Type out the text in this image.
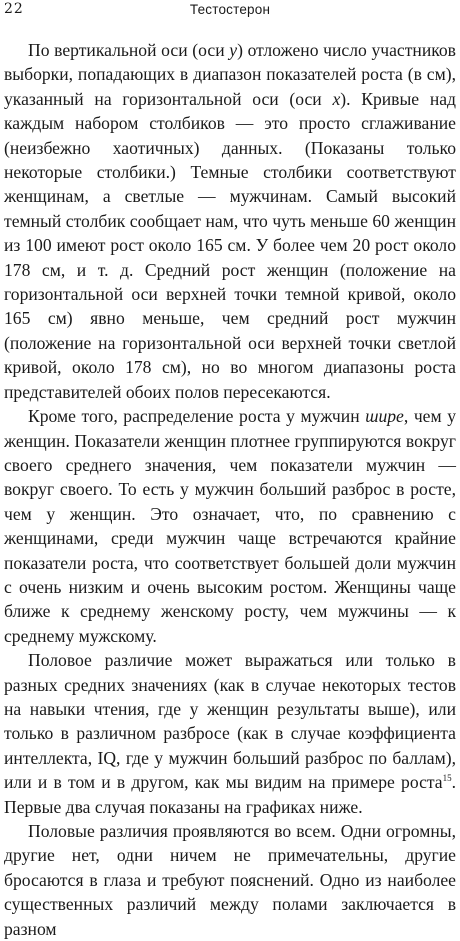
22	Тестостерон

По вертикальной оси (оси y) отложено число участников выборки, попадающих в диапазон показателей роста (в см), указанный на горизонтальной оси (оси x). Кривые над каждым набором столбиков — это просто сглаживание (неизбежно хаотичных) данных. (Показаны только некоторые столбики.) Темные столбики соответствуют женщинам, а светлые — мужчинам. Самый высокий темный столбик сообщает нам, что чуть меньше 60 женщин из 100 имеют рост около 165 см. У более чем 20 рост около 178 см, и т. д. Средний рост женщин (положение на горизонтальной оси верхней точки темной кривой, около 165 см) явно меньше, чем средний рост мужчин (положение на горизонтальной оси верхней точки светлой кривой, около 178 см), но во многом диапазоны роста представителей обоих полов пересекаются.

Кроме того, распределение роста у мужчин шире, чем у женщин. Показатели женщин плотнее группируются вокруг своего среднего значения, чем показатели мужчин — вокруг своего. То есть у мужчин больший разброс в росте, чем у женщин. Это означает, что, по сравнению с женщинами, среди мужчин чаще встречаются крайние показатели роста, что соответствует большей доли мужчин с очень низким и очень высоким ростом. Женщины чаще ближе к среднему женскому росту, чем мужчины — к среднему мужскому.

Половое различие может выражаться или только в разных средних значениях (как в случае некоторых тестов на навыки чтения, где у женщин результаты выше), или только в различном разбросе (как в случае коэффициента интеллекта, IQ, где у мужчин больший разброс по баллам), или и в том и в другом, как мы видим на примере роста$^{15}$. Первые два случая показаны на графиках ниже.

Половые различия проявляются во всем. Одни огромны, другие нет, одни ничем не примечательны, другие бросаются в глаза и требуют пояснений. Одно из наиболее существенных различий между полами заключается в разном
